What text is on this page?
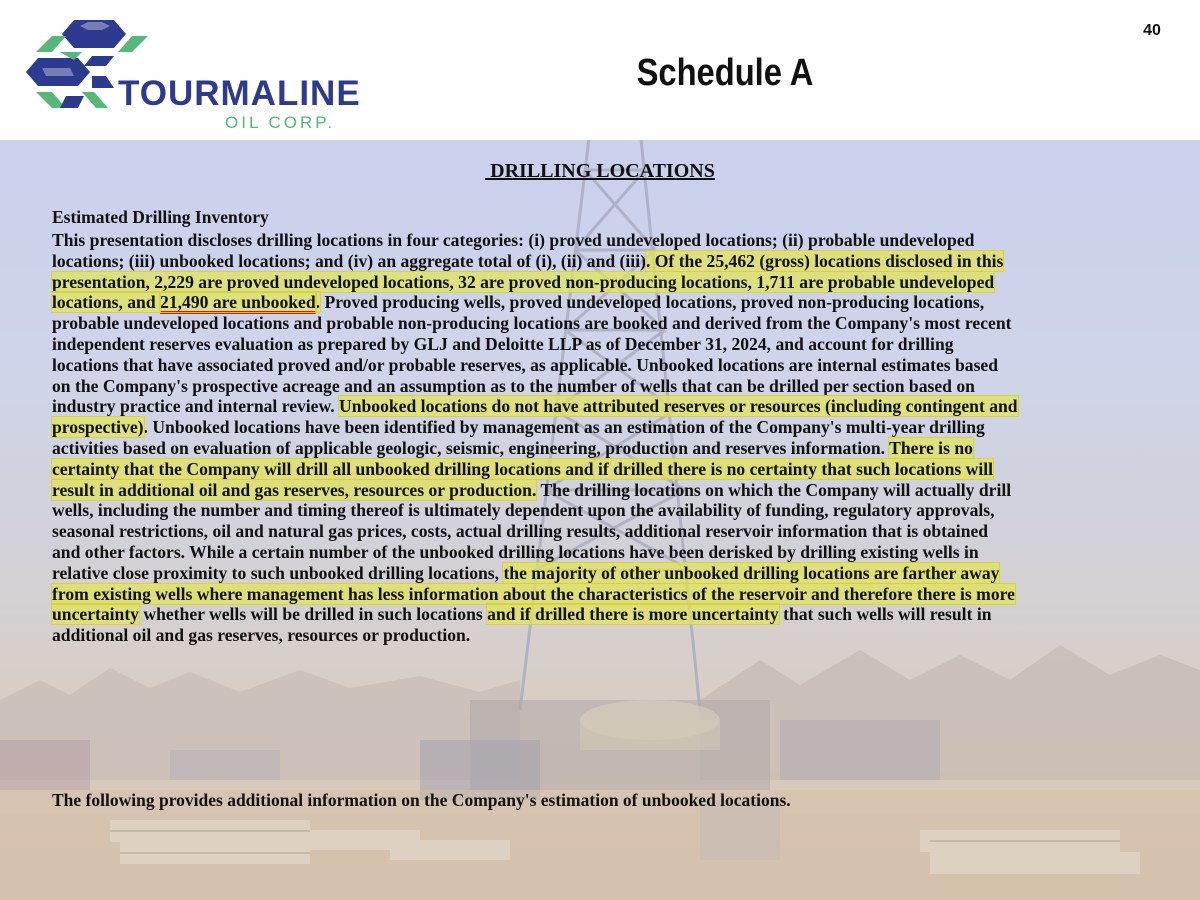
TOURMALINE
OIL CORP.
40
Schedule A
DRILLING LOCATIONS
Estimated Drilling Inventory
This presentation discloses drilling locations in four categories: (i) proved undeveloped locations; (ii) probable undeveloped
locations; (iii) unbooked locations; and (iv) an aggregate total of (i), (ii) and (iii). Of the 25,462 (gross) locations disclosed in this
presentation, 2,229 are proved undeveloped locations, 32 are proved non-producing locations, 1,711 are probable undeveloped
locations, and 21,490 are unbooked. Proved producing wells, proved undeveloped locations, proved non-producing locations,
probable undeveloped locations and probable non-producing locations are booked and derived from the Company's most recent
independent reserves evaluation as prepared by GLJ and Deloitte LLP as of December 31, 2024, and account for drilling
locations that have associated proved and/or probable reserves, as applicable. Unbooked locations are internal estimates based
on the Company's prospective acreage and an assumption as to the number of wells that can be drilled per section based on
industry practice and internal review. Unbooked locations do not have attributed reserves or resources (including contingent and
prospective). Unbooked locations have been identified by management as an estimation of the Company's multi-year drilling
activities based on evaluation of applicable geologic, seismic, engineering, production and reserves information. There is no
certainty that the Company will drill all unbooked drilling locations and if drilled there is no certainty that such locations will
result in additional oil and gas reserves, resources or production. The drilling locations on which the Company will actually drill
wells, including the number and timing thereof is ultimately dependent upon the availability of funding, regulatory approvals,
seasonal restrictions, oil and natural gas prices, costs, actual drilling results, additional reservoir information that is obtained
and other factors. While a certain number of the unbooked drilling locations have been derisked by drilling existing wells in
relative close proximity to such unbooked drilling locations, the majority of other unbooked drilling locations are farther away
from existing wells where management has less information about the characteristics of the reservoir and therefore there is more
uncertainty whether wells will be drilled in such locations and if drilled there is more uncertainty that such wells will result in
additional oil and gas reserves, resources or production.
The following provides additional information on the Company's estimation of unbooked locations.
